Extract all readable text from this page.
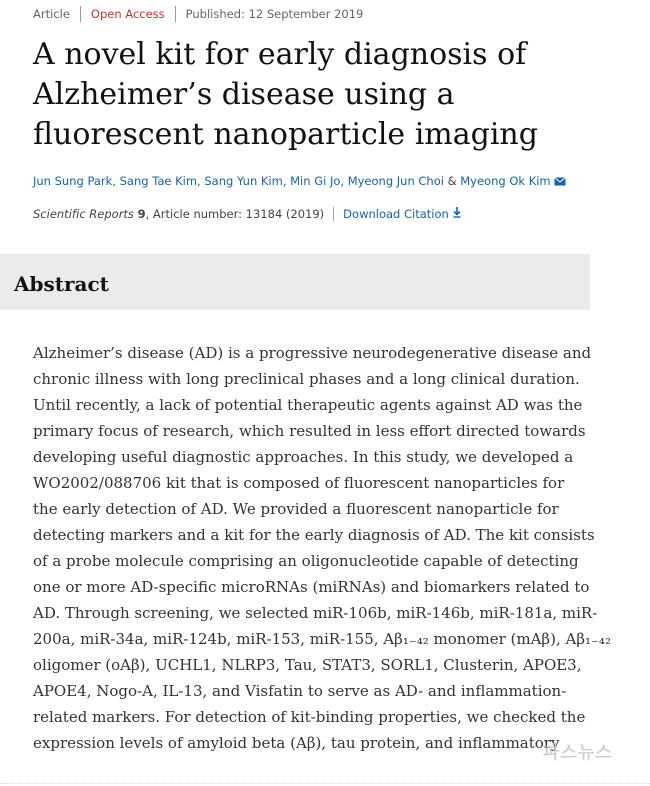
Article Open Access Published:
12 September 2019
A novel kit for early diagnosis of Alzheimer’s disease using a fluorescent nanoparticle imaging
Jun Sung Park, Sang Tae Kim, Sang Yun Kim, Min Gi Jo, Myeong Jun Choi & Myeong Ok Kim
Scientific Reports
9 , Article number: 13184 (2019) Download Citation
Abstract
Alzheimer’s disease (AD) is a progressive neurodegenerative disease and
chronic illness with long preclinical phases and a long clinical duration.
Until recently, a lack of potential therapeutic agents against AD was the
primary focus of research, which resulted in less effort directed towards
developing useful diagnostic approaches. In this study, we developed a
WO2002/088706 kit that is composed of fluorescent nanoparticles for
the early detection of AD. We provided a fluorescent nanoparticle for
detecting markers and a kit for the early diagnosis of AD. The kit consists
of a probe molecule comprising an oligonucleotide capable of detecting
one or more AD-specific microRNAs (miRNAs) and biomarkers related to
AD. Through screening, we selected miR-106b, miR-146b, miR-181a, miR-
200a, miR-34a, miR-124b, miR-153, miR-155, Aβ₁₋₄₂ monomer (mAβ), Aβ₁₋₄₂
oligomer (oAβ), UCHL1, NLRP3, Tau, STAT3, SORL1, Clusterin, APOE3,
APOE4, Nogo-A, IL-13, and Visfatin to serve as AD- and inflammation-
related markers. For detection of kit-binding properties, we checked the
expression levels of amyloid beta (Aβ), tau protein, and inflammatory
파스뉴스
